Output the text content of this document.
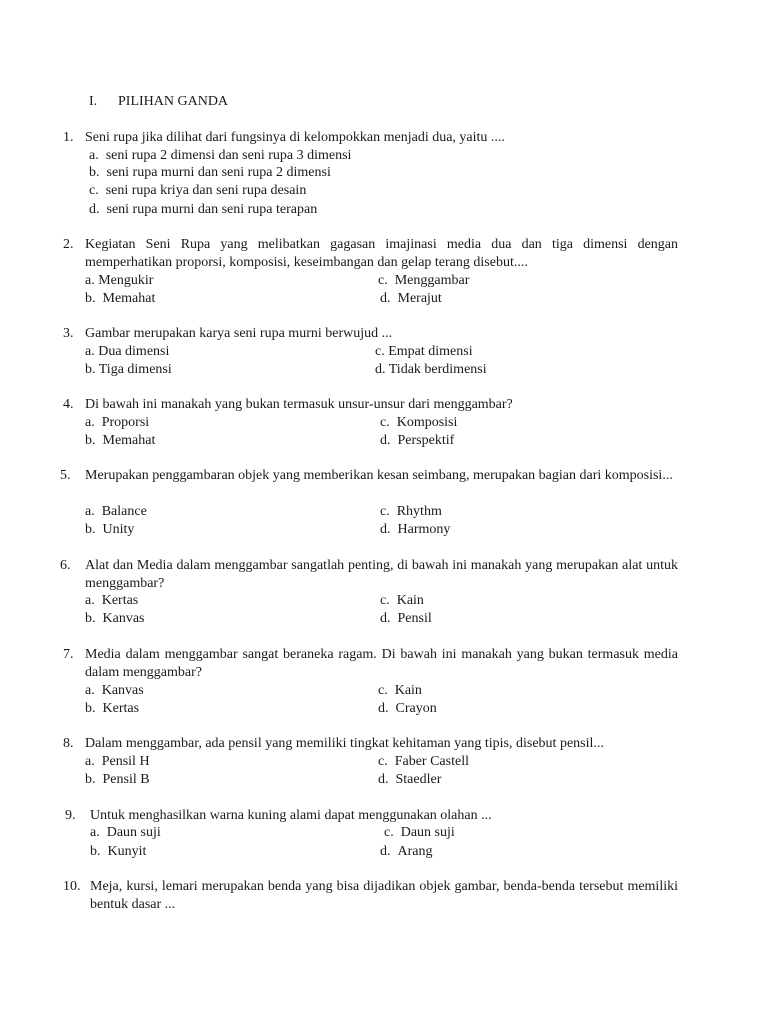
I. PILIHAN GANDA
1. Seni rupa jika dilihat dari fungsinya di kelompokkan menjadi dua, yaitu ....
a. seni rupa 2 dimensi dan seni rupa 3 dimensi
b. seni rupa murni dan seni rupa 2 dimensi
c. seni rupa kriya dan seni rupa desain
d. seni rupa murni dan seni rupa terapan
2. Kegiatan Seni Rupa yang melibatkan gagasan imajinasi media dua dan tiga dimensi dengan memperhatikan proporsi, komposisi, keseimbangan dan gelap terang disebut....
a. Mengukir	c. Menggambar
b. Memahat	d. Merajut
3. Gambar merupakan karya seni rupa murni berwujud ...
a. Dua dimensi	c. Empat dimensi
b. Tiga dimensi	d. Tidak berdimensi
4. Di bawah ini manakah yang bukan termasuk unsur-unsur dari menggambar?
a. Proporsi	c. Komposisi
b. Memahat	d. Perspektif
5. Merupakan penggambaran objek yang memberikan kesan seimbang, merupakan bagian dari komposisi...
a. Balance	c. Rhythm
b. Unity	d. Harmony
6. Alat dan Media dalam menggambar sangatlah penting, di bawah ini manakah yang merupakan alat untuk menggambar?
a. Kertas	c. Kain
b. Kanvas	d. Pensil
7. Media dalam menggambar sangat beraneka ragam. Di bawah ini manakah yang bukan termasuk media dalam menggambar?
a. Kanvas	c. Kain
b. Kertas	d. Crayon
8. Dalam menggambar, ada pensil yang memiliki tingkat kehitaman yang tipis, disebut pensil...
a. Pensil H	c. Faber Castell
b. Pensil B	d. Staedler
9. Untuk menghasilkan warna kuning alami dapat menggunakan olahan ...
a. Daun suji	c. Daun suji
b. Kunyit	d. Arang
10. Meja, kursi, lemari merupakan benda yang bisa dijadikan objek gambar, benda-benda tersebut memiliki bentuk dasar ...
